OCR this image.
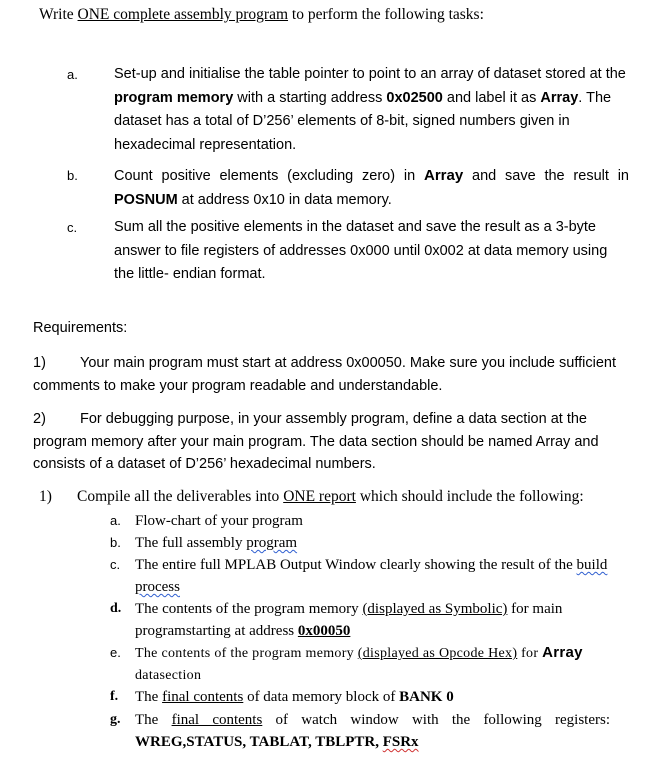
Write ONE complete assembly program to perform the following tasks:
a. Set-up and initialise the table pointer to point to an array of dataset stored at the program memory with a starting address 0x02500 and label it as Array. The dataset has a total of D’256’ elements of 8-bit, signed numbers given in hexadecimal representation.
b. Count positive elements (excluding zero) in Array and save the result in POSNUM at address 0x10 in data memory.
c.	Sum all the positive elements in the dataset and save the result as a 3-byte answer to file registers of addresses 0x000 until 0x002 at data memory using the little- endian format.
Requirements:
1) Your main program must start at address 0x00050. Make sure you include sufficient comments to make your program readable and understandable.
2) For debugging purpose, in your assembly program, define a data section at the program memory after your main program. The data section should be named Array and consists of a dataset of D’256’ hexadecimal numbers.
1) Compile all the deliverables into ONE report which should include the following:
a. Flow-chart of your program
b. The full assembly program
c. The entire full MPLAB Output Window clearly showing the result of the build process
d. The contents of the program memory (displayed as Symbolic) for main programstarting at address 0x00050
e. The contents of the program memory (displayed as Opcode Hex) for Array datasection
f. The final contents of data memory block of BANK 0
g. The final contents of watch window with the following registers: WREG,STATUS, TABLAT, TBLPTR, FSRx
